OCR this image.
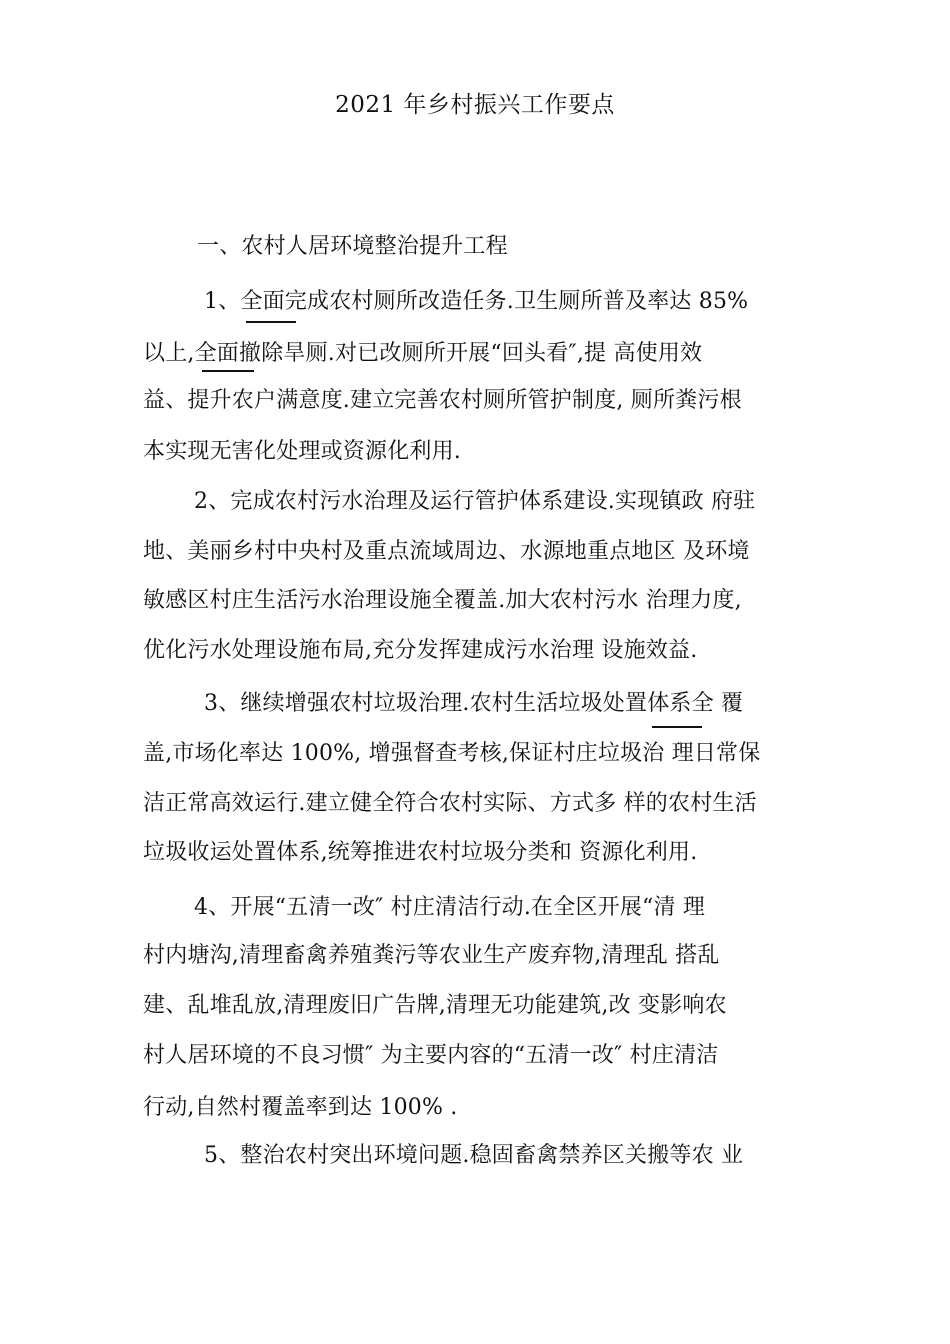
2021 年乡村振兴工作要点
一、农村人居环境整治提升工程
1、全面完成农村厕所改造任务.卫生厕所普及率达 85%
以上,全面撤除旱厕.对已改厕所开展“回头看″,提 高使用效
益、提升农户满意度.建立完善农村厕所管护制度, 厕所粪污根
本实现无害化处理或资源化利用.
2、完成农村污水治理及运行管护体系建设.实现镇政 府驻
地、美丽乡村中央村及重点流域周边、水源地重点地区 及环境
敏感区村庄生活污水治理设施全覆盖.加大农村污水 治理力度,
优化污水处理设施布局,充分发挥建成污水治理 设施效益.
3、继续增强农村垃圾治理.农村生活垃圾处置体系全 覆
盖,市场化率达 100%, 增强督查考核,保证村庄垃圾治 理日常保
洁正常高效运行.建立健全符合农村实际、方式多 样的农村生活
垃圾收运处置体系,统筹推进农村垃圾分类和 资源化利用.
4、开展“五清一改″ 村庄清洁行动.在全区开展“清 理
村内塘沟,清理畜禽养殖粪污等农业生产废弃物,清理乱 搭乱
建、乱堆乱放,清理废旧广告牌,清理无功能建筑,改 变影响农
村人居环境的不良习惯″ 为主要内容的“五清一改″ 村庄清洁
行动,自然村覆盖率到达 100% .
5、整治农村突出环境问题.稳固畜禽禁养区关搬等农 业
